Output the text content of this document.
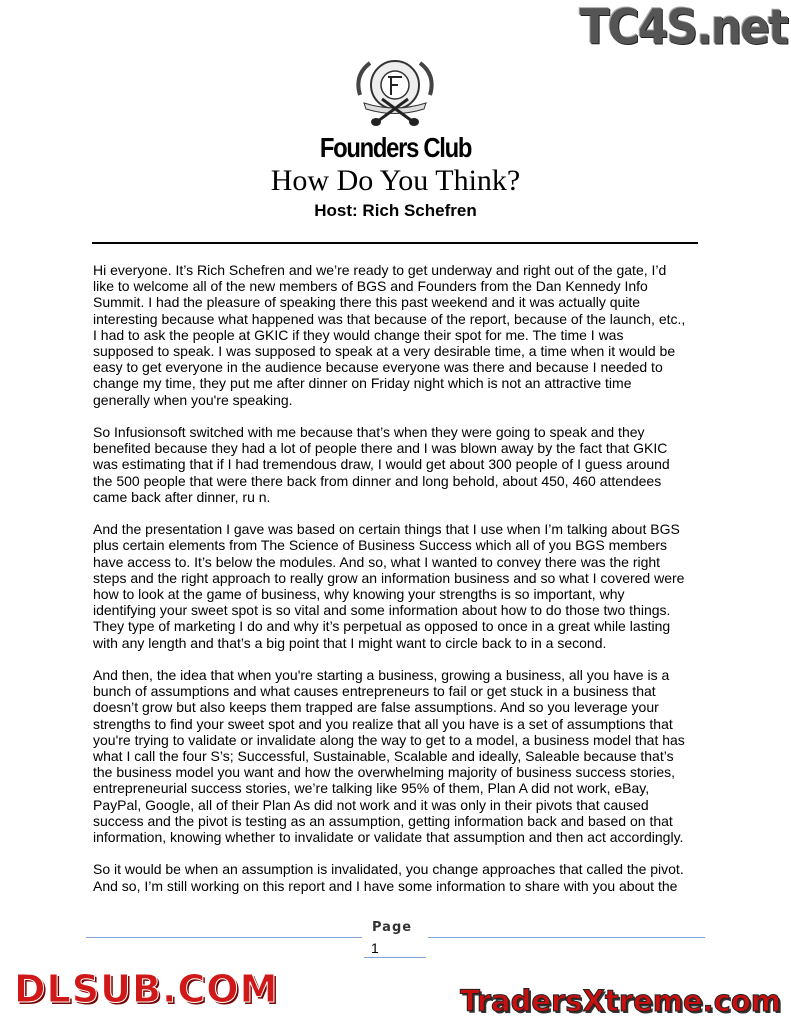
TC4S.net
Founders Club
How Do You Think?
Host: Rich Schefren

Hi everyone. It’s Rich Schefren and we’re ready to get underway and right out of the gate, I’d
like to welcome all of the new members of BGS and Founders from the Dan Kennedy Info
Summit. I had the pleasure of speaking there this past weekend and it was actually quite
interesting because what happened was that because of the report, because of the launch, etc.,
I had to ask the people at GKIC if they would change their spot for me. The time I was
supposed to speak. I was supposed to speak at a very desirable time, a time when it would be
easy to get everyone in the audience because everyone was there and because I needed to
change my time, they put me after dinner on Friday night which is not an attractive time
generally when you're speaking.

So Infusionsoft switched with me because that’s when they were going to speak and they
benefited because they had a lot of people there and I was blown away by the fact that GKIC
was estimating that if I had tremendous draw, I would get about 300 people of I guess around
the 500 people that were there back from dinner and long behold, about 450, 460 attendees
came back after dinner, ru n.

And the presentation I gave was based on certain things that I use when I’m talking about BGS
plus certain elements from The Science of Business Success which all of you BGS members
have access to. It’s below the modules. And so, what I wanted to convey there was the right
steps and the right approach to really grow an information business and so what I covered were
how to look at the game of business, why knowing your strengths is so important, why
identifying your sweet spot is so vital and some information about how to do those two things.
They type of marketing I do and why it’s perpetual as opposed to once in a great while lasting
with any length and that’s a big point that I might want to circle back to in a second.

And then, the idea that when you're starting a business, growing a business, all you have is a
bunch of assumptions and what causes entrepreneurs to fail or get stuck in a business that
doesn’t grow but also keeps them trapped are false assumptions. And so you leverage your
strengths to find your sweet spot and you realize that all you have is a set of assumptions that
you're trying to validate or invalidate along the way to get to a model, a business model that has
what I call the four S’s; Successful, Sustainable, Scalable and ideally, Saleable because that’s
the business model you want and how the overwhelming majority of business success stories,
entrepreneurial success stories, we’re talking like 95% of them, Plan A did not work, eBay,
PayPal, Google, all of their Plan As did not work and it was only in their pivots that caused
success and the pivot is testing as an assumption, getting information back and based on that
information, knowing whether to invalidate or validate that assumption and then act accordingly.

So it would be when an assumption is invalidated, you change approaches that called the pivot.
And so, I’m still working on this report and I have some information to share with you about the

Page
1
DLSUB.COM	TradersXtreme.com
